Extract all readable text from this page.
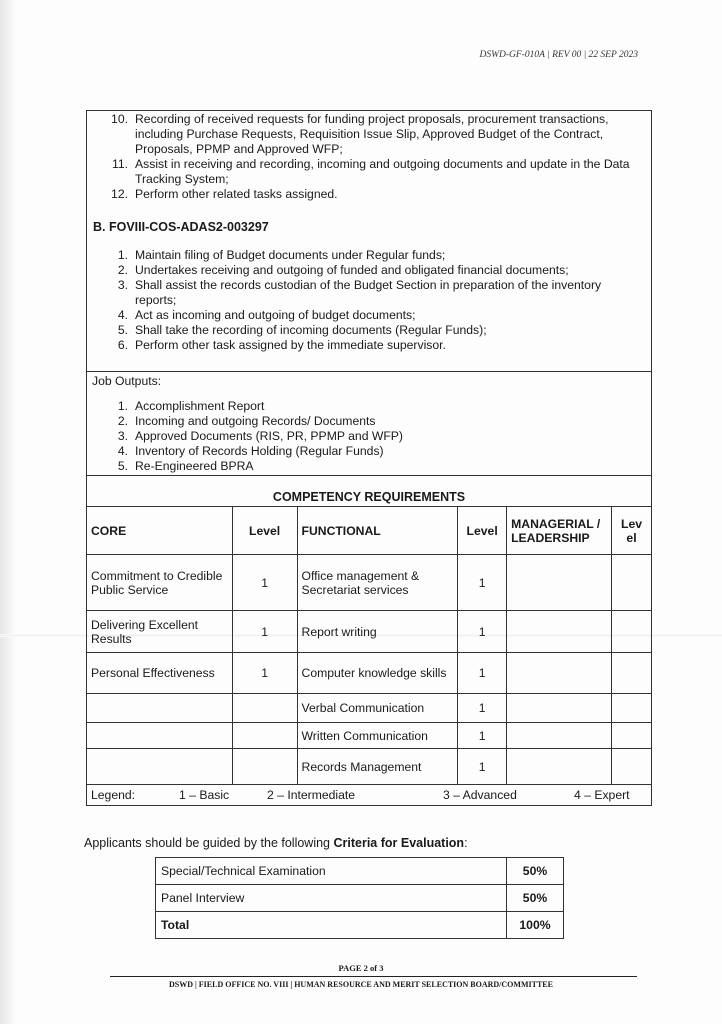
DSWD-GF-010A | REV 00 | 22 SEP 2023
10. Recording of received requests for funding project proposals, procurement transactions, including Purchase Requests, Requisition Issue Slip, Approved Budget of the Contract, Proposals, PPMP and Approved WFP;
11. Assist in receiving and recording, incoming and outgoing documents and update in the Data Tracking System;
12. Perform other related tasks assigned.
B. FOVIII-COS-ADAS2-003297
1. Maintain filing of Budget documents under Regular funds;
2. Undertakes receiving and outgoing of funded and obligated financial documents;
3. Shall assist the records custodian of the Budget Section in preparation of the inventory reports;
4. Act as incoming and outgoing of budget documents;
5. Shall take the recording of incoming documents (Regular Funds);
6. Perform other task assigned by the immediate supervisor.
Job Outputs:
1. Accomplishment Report
2. Incoming and outgoing Records/ Documents
3. Approved Documents (RIS, PR, PPMP and WFP)
4. Inventory of Records Holding (Regular Funds)
5. Re-Engineered BPRA
COMPETENCY REQUIREMENTS
CORE	Level	FUNCTIONAL	Level	MANAGERIAL / LEADERSHIP	Lev el
Commitment to Credible Public Service	1	Office management & Secretariat services	1		
Delivering Excellent Results	1	Report writing	1		
Personal Effectiveness	1	Computer knowledge skills	1		
		Verbal Communication	1		
		Written Communication	1		
		Records Management	1		
Legend:	1 – Basic	2 – Intermediate	3 – Advanced	4 – Expert
Applicants should be guided by the following Criteria for Evaluation:
Special/Technical Examination	50%
Panel Interview	50%
Total	100%
PAGE 2 of 3
DSWD | FIELD OFFICE NO. VIII | HUMAN RESOURCE AND MERIT SELECTION BOARD/COMMITTEE
